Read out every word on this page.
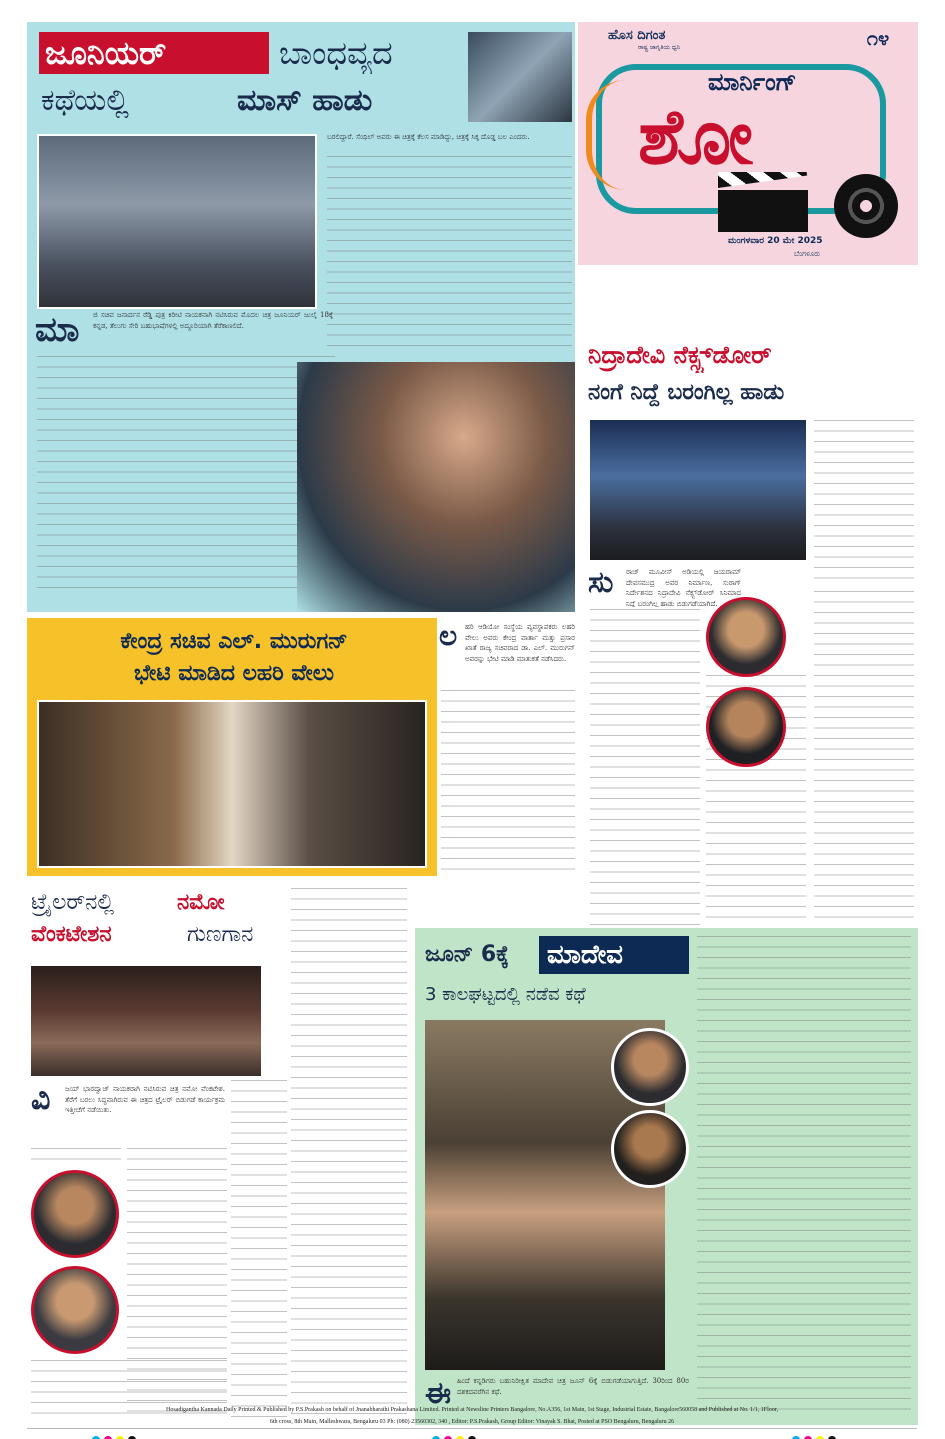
ಜೂನಿಯರ್	ಬಾಂಧವ್ಯದ
ಕಥೆಯಲ್ಲಿ	ಮಾಸ್ ಹಾಡು
ಬರಲಿದ್ದಾರೆ. ಸೆಂಥಿಲ್ ಅವರು ಈ ಚಿತ್ರಕ್ಕೆ ಕೆಲಸ ಮಾಡಿದ್ದು, ಚಿತ್ರಕ್ಕೆ ಸಿಕ್ಕ ದೊಡ್ಡ ಬಲ ಎಂದರು.
ಮಾ	ಜಿ ಸಚಿವ ಜನಾರ್ದನ ರೆಡ್ಡಿ ಪುತ್ರ ಕಿರೀಟಿ ನಾಯಕನಾಗಿ ನಟಿಸಿರುವ ಮೊದಲ ಚಿತ್ರ ಜೂನಿಯರ್ ಜುಲೈ 18ಕ್ಕೆ ಕನ್ನಡ, ತೆಲುಗು ಸೇರಿ ಬಹುಭಾಷೆಗಳಲ್ಲಿ ಅದ್ದೂರಿಯಾಗಿ ತೆರೆಕಾಣಲಿದೆ.
ಹೊಸ ದಿಗಂತ
ರಾಷ್ಟ್ರ ಜಾಗೃತಿಯ ಧ್ವನಿ	೧೪
ಮಾರ್ನಿಂಗ್
ಶೋ
ಮಂಗಳವಾರ 20 ಮೇ 2025
ಬೆಂಗಳೂರು
ನಿದ್ರಾದೇವಿ ನೆಕ್ಸ್ಟ್‌ಡೋರ್
ನಂಗೆ ನಿದ್ದೆ ಬರಂಗಿಲ್ಲ ಹಾಡು
ಸು	ರಾಜ್ ಮೂವೀಸ್ ಅಡಿಯಲ್ಲಿ ಜಯರಾಮ್ ದೇವಸಮುದ್ರ ಅವರ ನಿರ್ಮಾಣ, ಸುರಾಗ್ ನಿರ್ದೇಶನದ ನಿದ್ರಾದೇವಿ ನೆಕ್ಸ್ಟ್‌ಡೋರ್ ಸಿನಿಮಾದ ನಿದ್ದೆ ಬರಂಗಿಲ್ಲ ಹಾಡು ಬಿಡುಗಡೆಯಾಗಿದೆ.
ಕೇಂದ್ರ ಸಚಿವ ಎಲ್. ಮುರುಗನ್
ಭೇಟಿ ಮಾಡಿದ ಲಹರಿ ವೇಲು
ಲ	ಹರಿ ಆಡಿಯೋ ಸಂಸ್ಥೆಯ ವ್ಯವಸ್ಥಾಪಕರು ಲಹರಿ ವೇಲು ಅವರು ಕೇಂದ್ರ ವಾರ್ತಾ ಮತ್ತು ಪ್ರಸಾರ ಖಾತೆ ರಾಜ್ಯ ಸಚಿವರಾದ ಡಾ. ಎಲ್. ಮುರುಗನ್ ಅವರನ್ನು ಭೇಟಿ ಮಾಡಿ ಮಾತುಕತೆ ನಡೆಸಿದರು.
ಟ್ರೈಲರ್‌ನಲ್ಲಿ	ನಮೋ
ವೆಂಕಟೇಶನ	ಗುಣಗಾನ
ವಿ	ಜಯ್ ಭಾರದ್ವಾಜ್ ನಾಯಕರಾಗಿ ನಟಿಸಿರುವ ಚಿತ್ರ ನಮೋ ವೆಂಕಟೇಶ. ತೆರೆಗೆ ಬರಲು ಸಿದ್ಧವಾಗಿರುವ ಈ ಚಿತ್ರದ ಟ್ರೈಲರ್ ಬಿಡುಗಡೆ ಕಾರ್ಯಕ್ರಮ ಇತ್ತೀಚೆಗೆ ನಡೆಯಿತು.
ಜೂನ್ 6ಕ್ಕೆ	ಮಾದೇವ
3 ಕಾಲಘಟ್ಟದಲ್ಲಿ ನಡೆವ ಕಥೆ
ಈ ಹಿಂದೆ ಕನ್ನಡಿಗರು ಬಹುನಿರೀಕ್ಷಿತ ಮಾದೇವ ಚಿತ್ರ ಜೂನ್ 6ಕ್ಕೆ ಬಿಡುಗಡೆಯಾಗುತ್ತಿದೆ. 30ರಿಂದ 80ರ ದಶಕದವರೆಗಿನ ಕಥೆ.
Hosadigantha Kannada Daily Printed & Published by P.S.Prakash on behalf of Jnanabharathi Prakashana Limited. Printed at Newsline Printers Bangalore, No.A356, 1st Main, 1st Stage, Industrial Estate, Bangalore560058 and Published at No. 1/1, 1Floor,
6th cross, 8th Main, Malleshwara, Bengaluru 03 Ph: (080) 23560302, 340 , Editor: P.S.Prakash, Group Editor: Vinayak S. Bhat, Posted at PSO Bengaluru, Bengaluru 26
